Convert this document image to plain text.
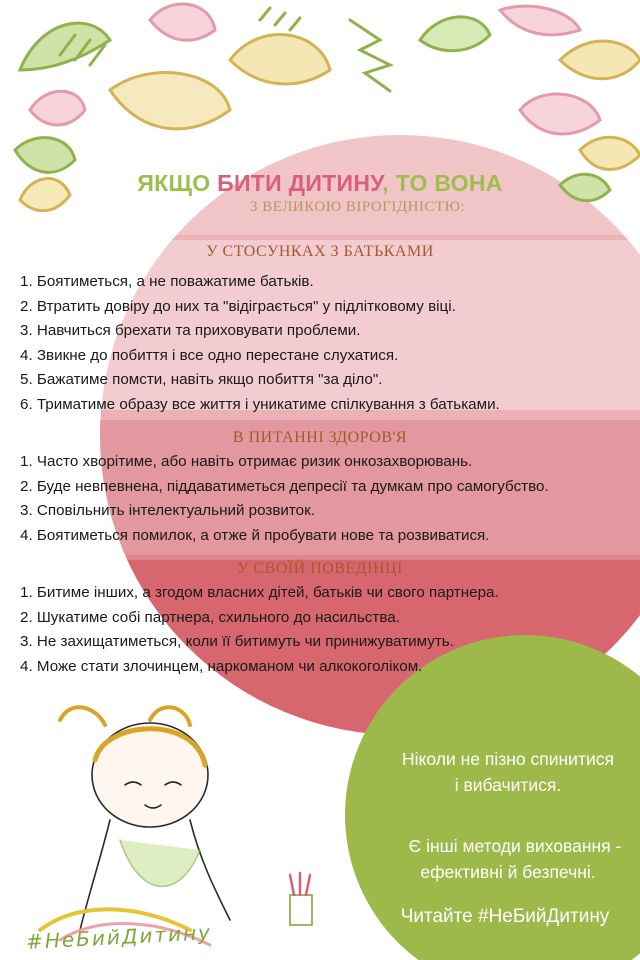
ЯКЩО БИТИ ДИТИНУ, ТО ВОНА
З ВЕЛИКОЮ ВІРОГІДНІСТЮ:
У СТОСУНКАХ З БАТЬКАМИ
1. Боятиметься, а не поважатиме батьків.
2. Втратить довіру до них та "відіграється" у підлітковому віці.
3. Навчиться брехати та приховувати проблеми.
4. Звикне до побиття і все одно перестане слухатися.
5. Бажатиме помсти, навіть якщо побиття "за діло".
6. Триматиме образу все життя і уникатиме спілкування з батьками.
В ПИТАННІ ЗДОРОВ'Я
1. Часто хворітиме, або навіть отримає ризик онкозахворювань.
2. Буде невпевнена, піддаватиметься депресії та думкам про самогубство.
3. Сповільнить інтелектуальний розвиток.
4. Боятиметься помилок, а отже й пробувати нове та розвиватися.
У СВОЇЙ ПОВЕДІНЦІ
1. Битиме інших, а згодом власних дітей, батьків чи свого партнера.
2. Шукатиме собі партнера, схильного до насильства.
3. Не захищатиметься, коли її битимуть чи принижуватимуть.
4. Може стати злочинцем, наркоманом чи алкокоголіком.
Ніколи не пізно спинитися
і вибачитися.
Є інші методи виховання -
ефективні й безпечні.
Читайте #НеБийДитину
#НеБийДитину
